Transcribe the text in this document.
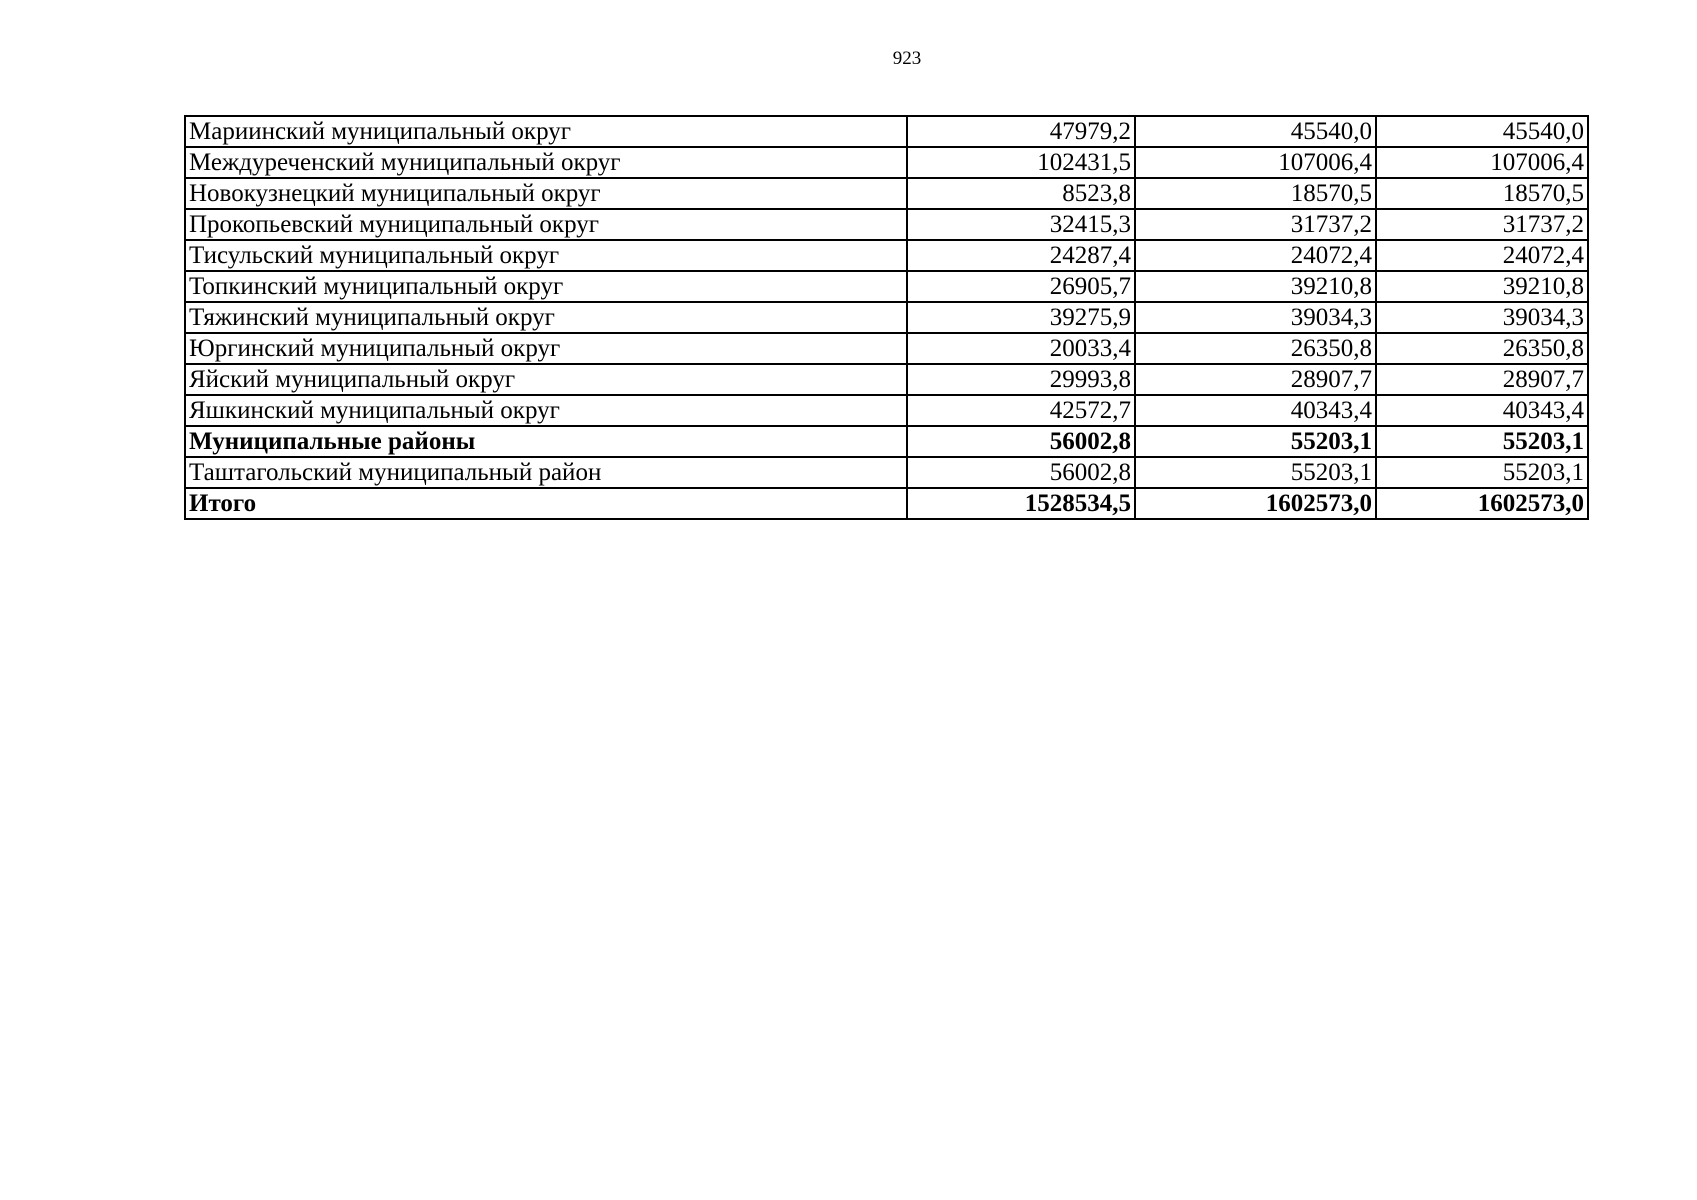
923
Мариинский муниципальный округ	47979,2	45540,0	45540,0
Междуреченский муниципальный округ	102431,5	107006,4	107006,4
Новокузнецкий муниципальный округ	8523,8	18570,5	18570,5
Прокопьевский муниципальный округ	32415,3	31737,2	31737,2
Тисульский муниципальный округ	24287,4	24072,4	24072,4
Топкинский муниципальный округ	26905,7	39210,8	39210,8
Тяжинский муниципальный округ	39275,9	39034,3	39034,3
Юргинский муниципальный округ	20033,4	26350,8	26350,8
Яйский муниципальный округ	29993,8	28907,7	28907,7
Яшкинский муниципальный округ	42572,7	40343,4	40343,4
Муниципальные районы	56002,8	55203,1	55203,1
Таштагольский муниципальный район	56002,8	55203,1	55203,1
Итого	1528534,5	1602573,0	1602573,0
